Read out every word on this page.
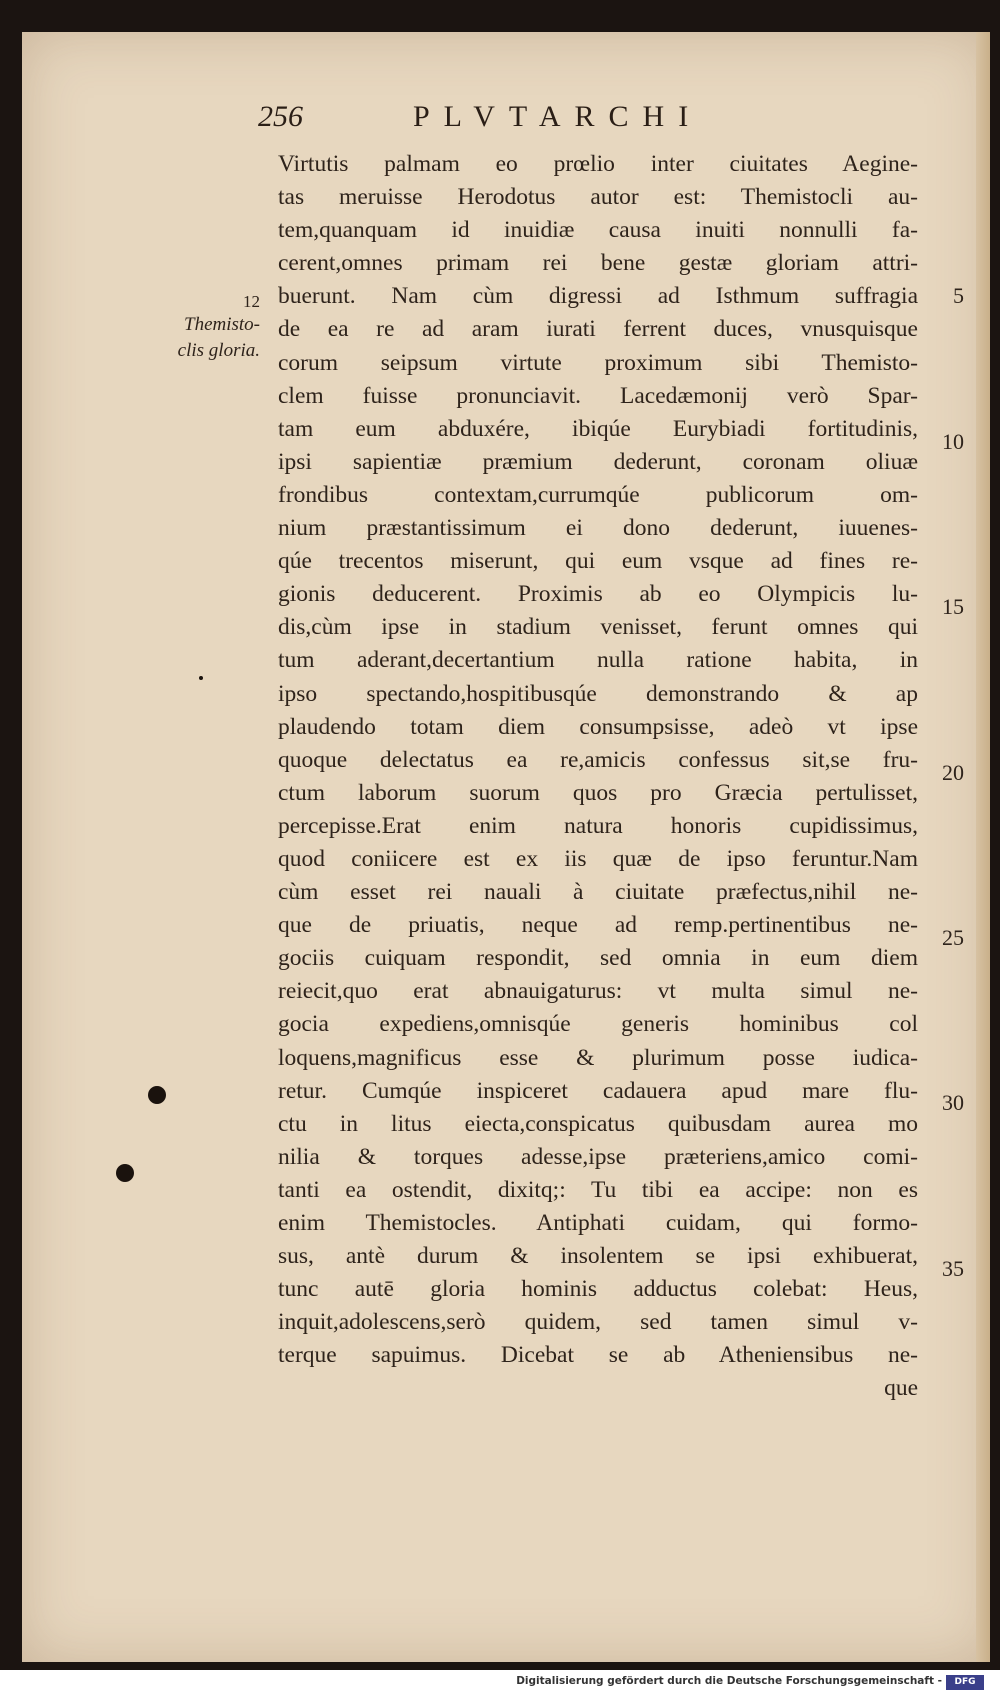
256	PLVTARCHI
12
Themisto-
clis gloria.
Virtutis palmam eo prœlio inter ciuitates Aegine-
tas meruisse Herodotus autor est: Themistocli au-
tem,quanquam id inuidiæ causa inuiti nonnulli fa-
cerent,omnes primam rei bene gestæ gloriam attri-
buerunt. Nam cùm digressi ad Isthmum suffragia
de ea re ad aram iurati ferrent duces, vnusquisque
corum seipsum virtute proximum sibi Themisto-
clem fuisse pronunciavit. Lacedæmonij verò Spar-
tam eum abduxére, ibiqúe Eurybiadi fortitudinis,
ipsi sapientiæ præmium dederunt, coronam oliuæ
frondibus contextam,currumqúe publicorum om-
nium præstantissimum ei dono dederunt, iuuenes-
qúe trecentos miserunt, qui eum vsque ad fines re-
gionis deducerent. Proximis ab eo Olympicis lu-
dis,cùm ipse in stadium venisset, ferunt omnes qui
tum aderant,decertantium nulla ratione habita, in
ipso spectando,hospitibusqúe demonstrando & ap
plaudendo totam diem consumpsisse, adeò vt ipse
quoque delectatus ea re,amicis confessus sit,se fru-
ctum laborum suorum quos pro Græcia pertulisset,
percepisse.Erat enim natura honoris cupidissimus,
quod coniicere est ex iis quæ de ipso feruntur.Nam
cùm esset rei nauali à ciuitate præfectus,nihil ne-
que de priuatis, neque ad remp.pertinentibus ne-
gociis cuiquam respondit, sed omnia in eum diem
reiecit,quo erat abnauigaturus: vt multa simul ne-
gocia expediens,omnisqúe generis hominibus col
loquens,magnificus esse & plurimum posse iudica-
retur. Cumqúe inspiceret cadauera apud mare flu-
ctu in litus eiecta,conspicatus quibusdam aurea mo
nilia & torques adesse,ipse præteriens,amico comi-
tanti ea ostendit, dixitq;: Tu tibi ea accipe: non es
enim Themistocles. Antiphati cuidam, qui formo-
sus, antè durum & insolentem se ipsi exhibuerat,
tunc autē gloria hominis adductus colebat: Heus,
inquit,adolescens,serò quidem, sed tamen simul v-
terque sapuimus. Dicebat se ab Atheniensibus ne-
que
5
10
15
20
25
30
35
Digitalisierung gefördert durch die Deutsche Forschungsgemeinschaft -	DFG
